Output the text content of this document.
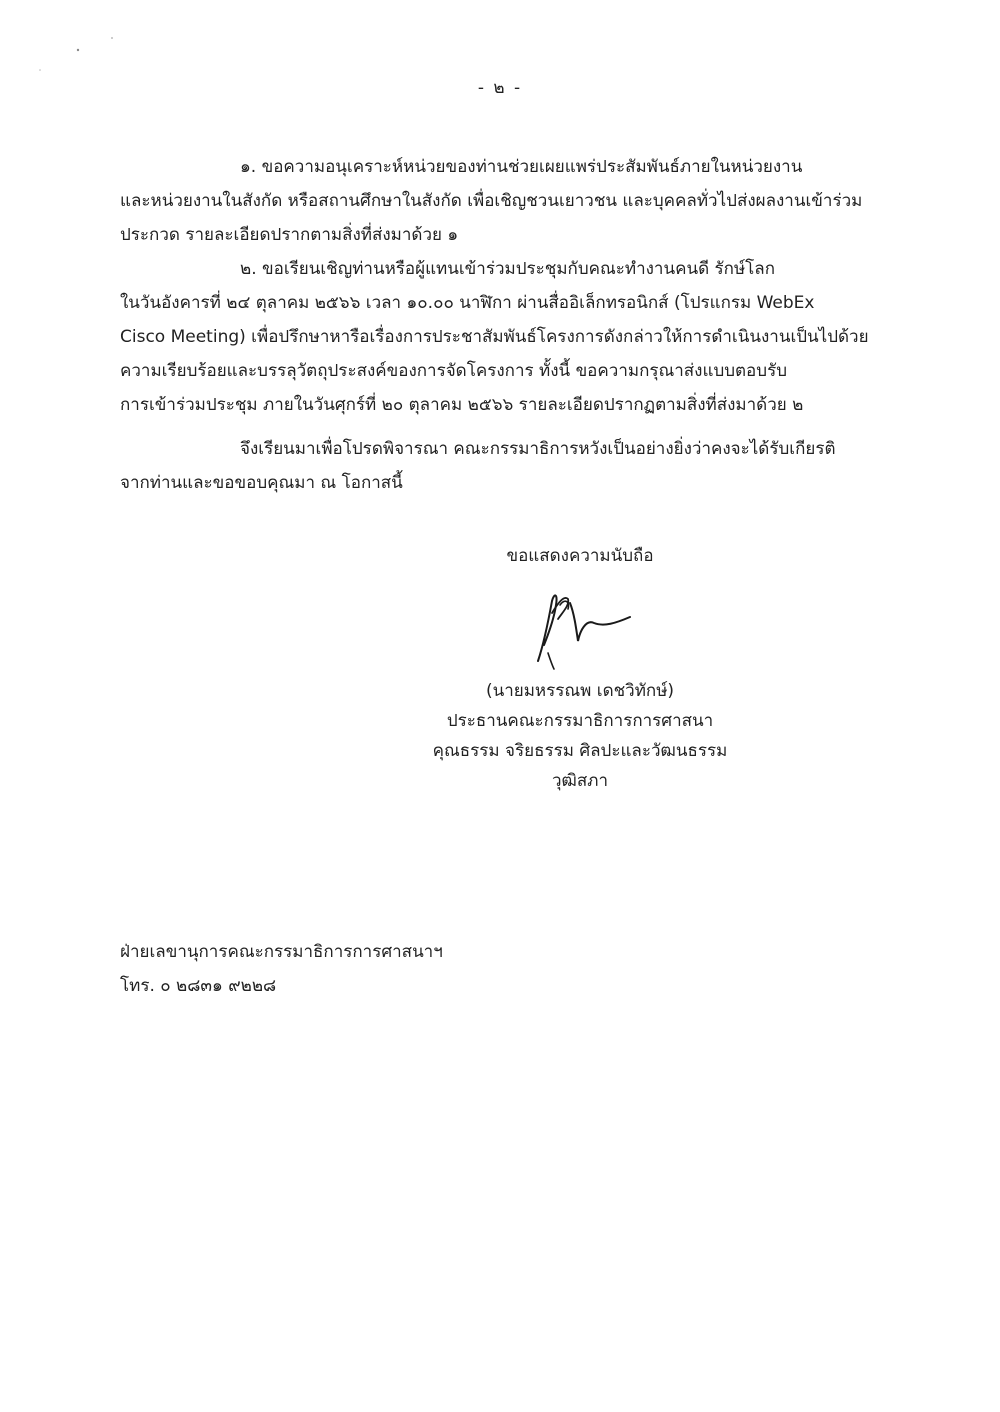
- ๒ -

๑. ขอความอนุเคราะห์หน่วยของท่านช่วยเผยแพร่ประสัมพันธ์ภายในหน่วยงาน
และหน่วยงานในสังกัด หรือสถานศึกษาในสังกัด เพื่อเชิญชวนเยาวชน และบุคคลทั่วไปส่งผลงานเข้าร่วม
ประกวด รายละเอียดปรากตามสิ่งที่ส่งมาด้วย ๑

๒. ขอเรียนเชิญท่านหรือผู้แทนเข้าร่วมประชุมกับคณะทำงานคนดี รักษ์โลก
ในวันอังคารที่ ๒๔ ตุลาคม ๒๕๖๖ เวลา ๑๐.๐๐ นาฬิกา ผ่านสื่ออิเล็กทรอนิกส์ (โปรแกรม WebEx
Cisco Meeting) เพื่อปรึกษาหารือเรื่องการประชาสัมพันธ์โครงการดังกล่าวให้การดำเนินงานเป็นไปด้วย
ความเรียบร้อยและบรรลุวัตถุประสงค์ของการจัดโครงการ ทั้งนี้ ขอความกรุณาส่งแบบตอบรับ
การเข้าร่วมประชุม ภายในวันศุกร์ที่ ๒๐ ตุลาคม ๒๕๖๖ รายละเอียดปรากฏตามสิ่งที่ส่งมาด้วย ๒

จึงเรียนมาเพื่อโปรดพิจารณา คณะกรรมาธิการหวังเป็นอย่างยิ่งว่าคงจะได้รับเกียรติ
จากท่านและขอขอบคุณมา ณ โอกาสนี้

ขอแสดงความนับถือ
(นายมหรรณพ เดชวิทักษ์)
ประธานคณะกรรมาธิการการศาสนา
คุณธรรม จริยธรรม ศิลปะและวัฒนธรรม
วุฒิสภา
ฝ่ายเลขานุการคณะกรรมาธิการการศาสนาฯ
โทร. ๐ ๒๘๓๑ ๙๒๒๘
